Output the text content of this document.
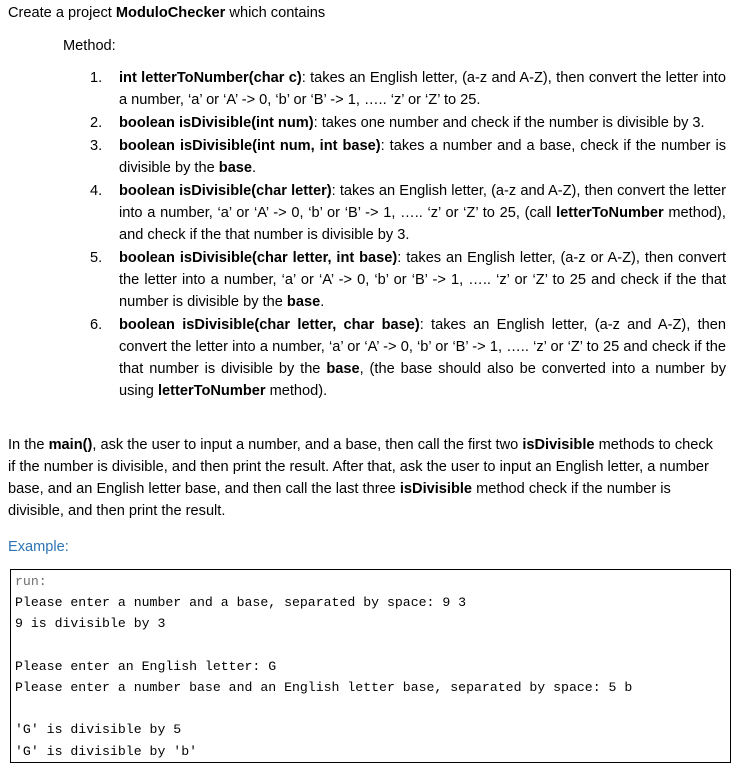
Create a project ModuloChecker which contains
Method:
1. int letterToNumber(char c): takes an English letter, (a-z and A-Z), then convert the letter into a number, ‘a’ or ‘A’ -> 0, ‘b’ or ‘B’ -> 1, ….. ‘z’ or ‘Z’ to 25.
2. boolean isDivisible(int num): takes one number and check if the number is divisible by 3.
3. boolean isDivisible(int num, int base): takes a number and a base, check if the number is divisible by the base.
4. boolean isDivisible(char letter): takes an English letter, (a-z and A-Z), then convert the letter into a number, ‘a’ or ‘A’ -> 0, ‘b’ or ‘B’ -> 1, ….. ‘z’ or ‘Z’ to 25, (call letterToNumber method), and check if the that number is divisible by 3.
5. boolean isDivisible(char letter, int base): takes an English letter, (a-z or A-Z), then convert the letter into a number, ‘a’ or ‘A’ -> 0, ‘b’ or ‘B’ -> 1, ….. ‘z’ or ‘Z’ to 25 and check if the that number is divisible by the base.
6. boolean isDivisible(char letter, char base): takes an English letter, (a-z and A-Z), then convert the letter into a number, ‘a’ or ‘A’ -> 0, ‘b’ or ‘B’ -> 1, ….. ‘z’ or ‘Z’ to 25 and check if the that number is divisible by the base, (the base should also be converted into a number by using letterToNumber method).
In the main(), ask the user to input a number, and a base, then call the first two isDivisible methods to check if the number is divisible, and then print the result. After that, ask the user to input an English letter, a number base, and an English letter base, and then call the last three isDivisible method check if the number is divisible, and then print the result.
Example:
run:
Please enter a number and a base, separated by space: 9 3
9 is divisible by 3
Please enter an English letter: G
Please enter a number base and an English letter base, separated by space: 5 b
'G' is divisible by 5
'G' is divisible by 'b'
